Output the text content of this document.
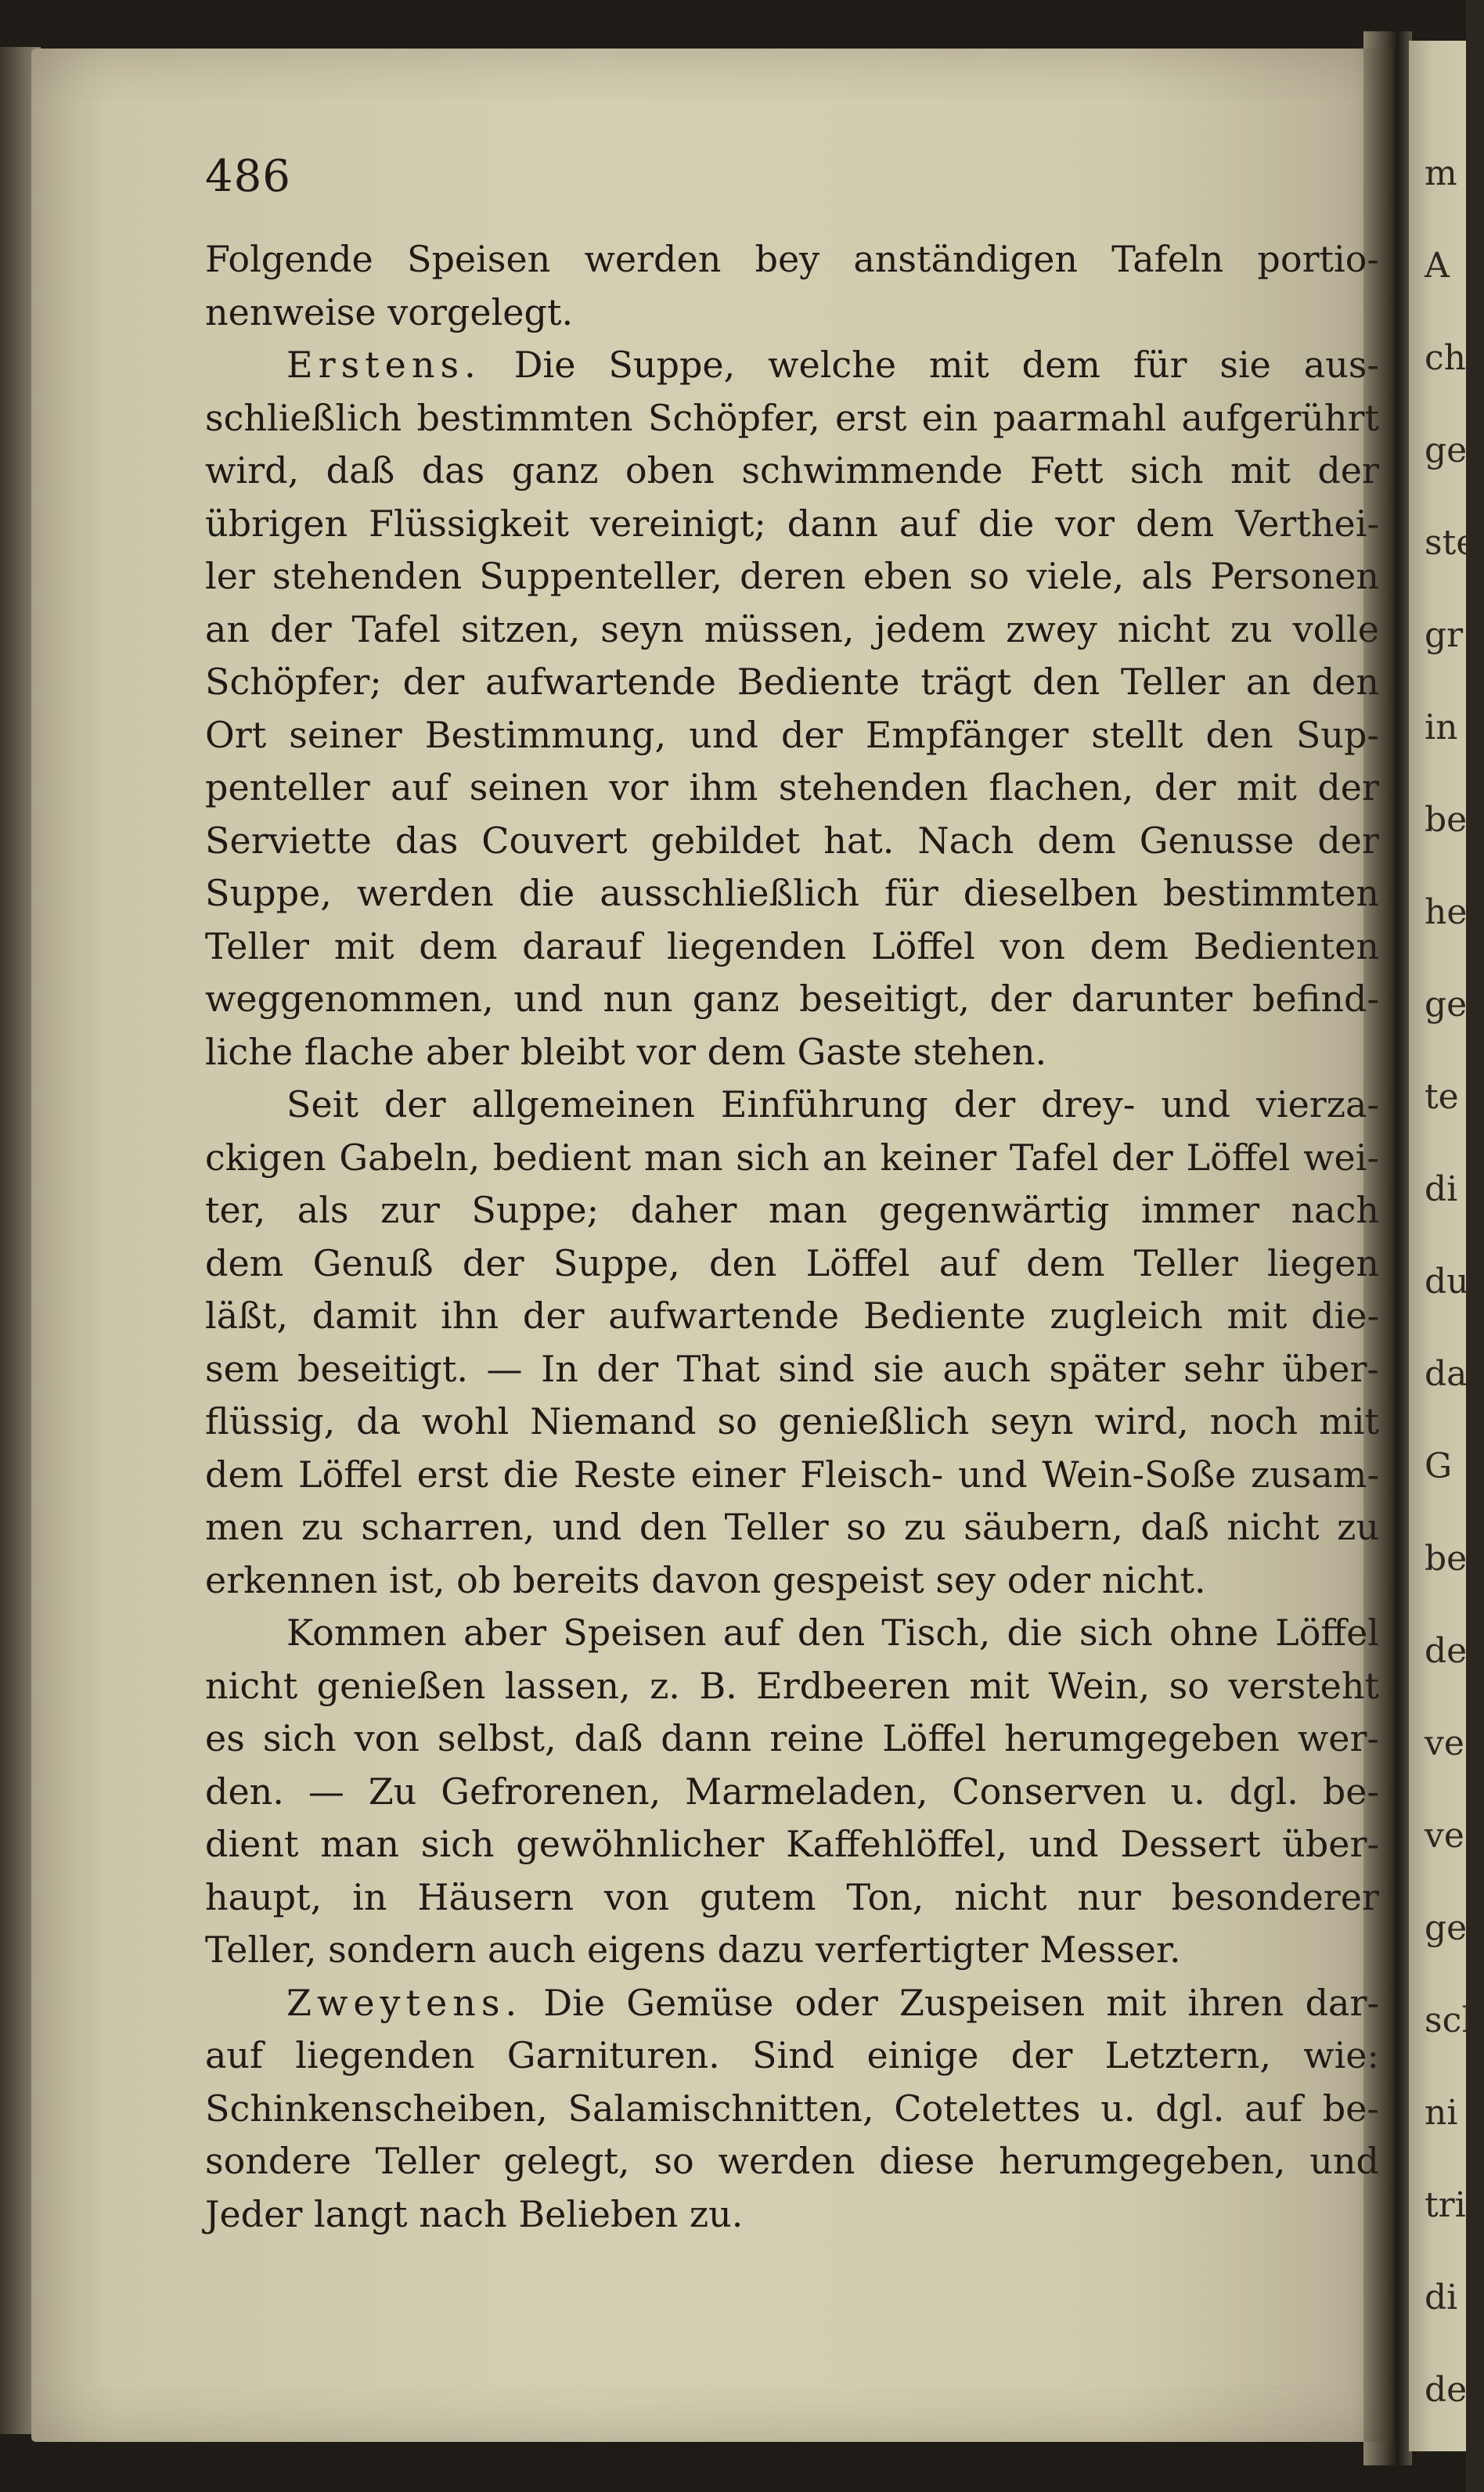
m
A
ch
ge
ste
gr
in
be
he
ge
te
di
du
da
G
be
de
ve
ve
ge
sch
ni
tri
di
de
486
Folgende Speisen werden bey anständigen Tafeln portio-
nenweise vorgelegt.
Erstens. Die Suppe, welche mit dem für sie aus-
schließlich bestimmten Schöpfer, erst ein paarmahl aufgerührt
wird, daß das ganz oben schwimmende Fett sich mit der
übrigen Flüssigkeit vereinigt; dann auf die vor dem Verthei-
ler stehenden Suppenteller, deren eben so viele, als Personen
an der Tafel sitzen, seyn müssen, jedem zwey nicht zu volle
Schöpfer; der aufwartende Bediente trägt den Teller an den
Ort seiner Bestimmung, und der Empfänger stellt den Sup-
penteller auf seinen vor ihm stehenden flachen, der mit der
Serviette das Couvert gebildet hat. Nach dem Genusse der
Suppe, werden die ausschließlich für dieselben bestimmten
Teller mit dem darauf liegenden Löffel von dem Bedienten
weggenommen, und nun ganz beseitigt, der darunter befind-
liche flache aber bleibt vor dem Gaste stehen.
Seit der allgemeinen Einführung der drey- und vierza-
ckigen Gabeln, bedient man sich an keiner Tafel der Löffel wei-
ter, als zur Suppe; daher man gegenwärtig immer nach
dem Genuß der Suppe, den Löffel auf dem Teller liegen
läßt, damit ihn der aufwartende Bediente zugleich mit die-
sem beseitigt. — In der That sind sie auch später sehr über-
flüssig, da wohl Niemand so genießlich seyn wird, noch mit
dem Löffel erst die Reste einer Fleisch- und Wein-Soße zusam-
men zu scharren, und den Teller so zu säubern, daß nicht zu
erkennen ist, ob bereits davon gespeist sey oder nicht.
Kommen aber Speisen auf den Tisch, die sich ohne Löffel
nicht genießen lassen, z. B. Erdbeeren mit Wein, so versteht
es sich von selbst, daß dann reine Löffel herumgegeben wer-
den. — Zu Gefrorenen, Marmeladen, Conserven u. dgl. be-
dient man sich gewöhnlicher Kaffehlöffel, und Dessert über-
haupt, in Häusern von gutem Ton, nicht nur besonderer
Teller, sondern auch eigens dazu verfertigter Messer.
Zweytens. Die Gemüse oder Zuspeisen mit ihren dar-
auf liegenden Garnituren. Sind einige der Letztern, wie:
Schinkenscheiben, Salamischnitten, Cotelettes u. dgl. auf be-
sondere Teller gelegt, so werden diese herumgegeben, und
Jeder langt nach Belieben zu.
